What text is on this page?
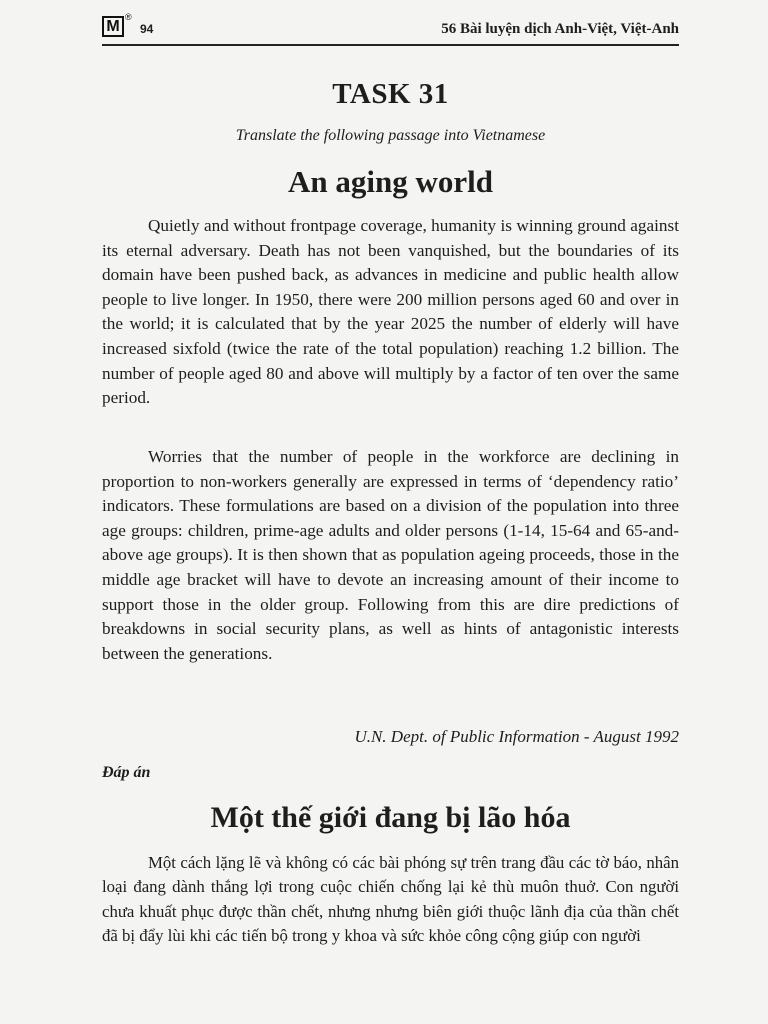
M
®
94	56 Bài luyện dịch Anh-Việt, Việt-Anh
TASK 31
Translate the following passage into Vietnamese
An aging world

Quietly and without frontpage coverage, humanity is winning ground against its eternal adversary. Death has not been vanquished, but the boundaries of its domain have been pushed back, as advances in medicine and public health allow people to live longer. In 1950, there were 200 million persons aged 60 and over in the world; it is calculated that by the year 2025 the number of elderly will have increased sixfold (twice the rate of the total population) reaching 1.2 billion. The number of people aged 80 and above will multiply by a factor of ten over the same period.

Worries that the number of people in the workforce are declining in proportion to non-workers generally are expressed in terms of ‘dependency ratio’ indicators. These formulations are based on a division of the population into three age groups: children, prime-age adults and older persons (1-14, 15-64 and 65-and-above age groups). It is then shown that as population ageing proceeds, those in the middle age bracket will have to devote an increasing amount of their income to support those in the older group. Following from this are dire predictions of breakdowns in social security plans, as well as hints of antagonistic interests between the generations.

U.N. Dept. of Public Information - August 1992
Đáp án
Một thế giới đang bị lão hóa

Một cách lặng lẽ và không có các bài phóng sự trên trang đầu các tờ báo, nhân loại đang dành thắng lợi trong cuộc chiến chống lại kẻ thù muôn thuở. Con người chưa khuất phục được thần chết, nhưng nhưng biên giới thuộc lãnh địa của thần chết đã bị đẩy lùi khi các tiến bộ trong y khoa và sức khỏe công cộng giúp con người
